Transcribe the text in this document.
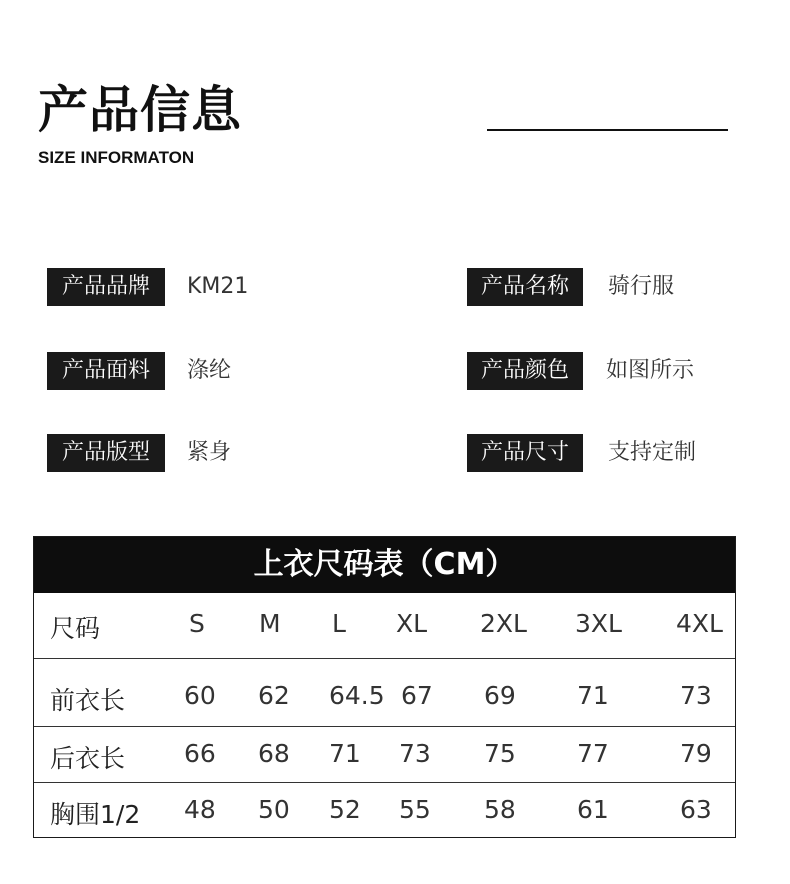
产品信息
SIZE INFORMATON
产品品牌	KM21	产品名称	骑行服
产品面料	涤纶	产品颜色	如图所示
产品版型	紧身	产品尺寸	支持定制
上衣尺码表（CM）
尺码	S M L XL 2XL 3XL 4XL
前衣长 60 62 64.5 67 69 71	73
后衣长 66 68 71 73 75 77	79
胸围1/2 48 50 52 55 58 61	63
